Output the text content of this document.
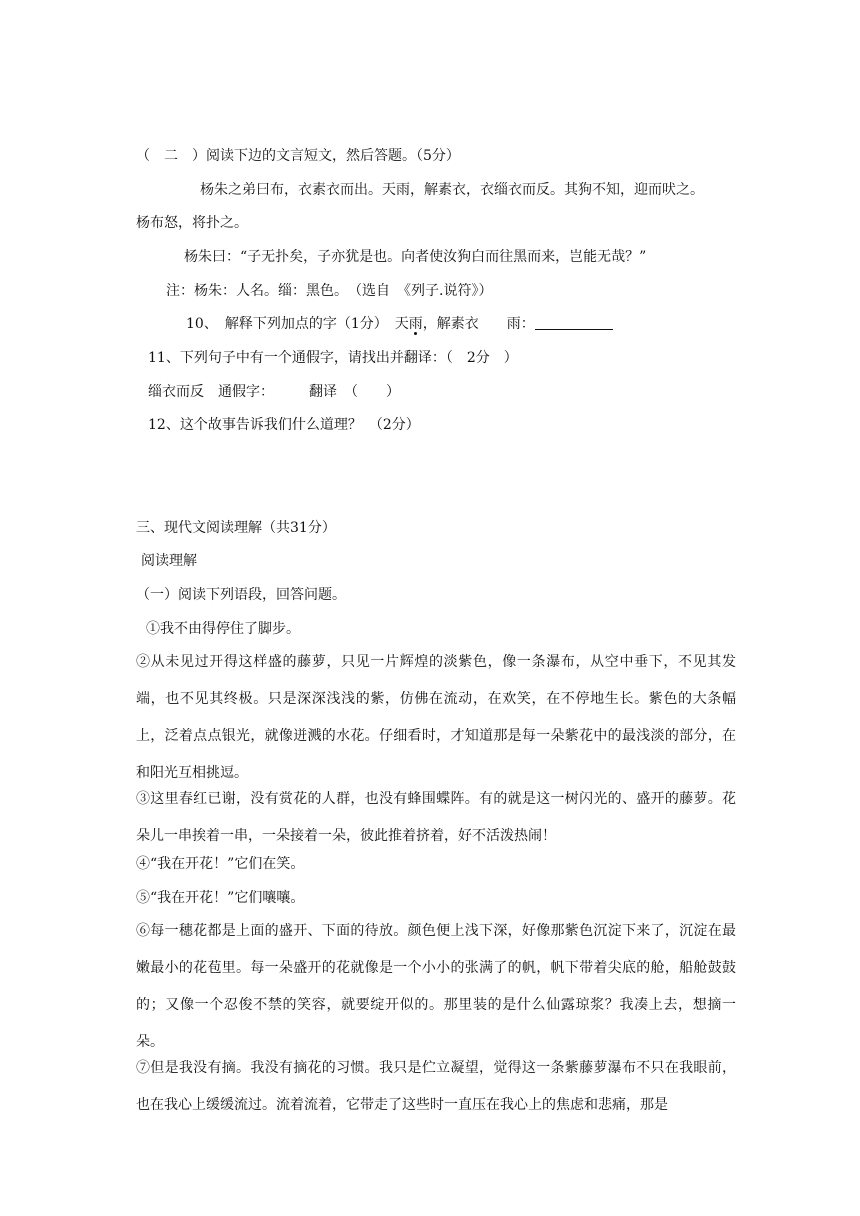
（　二　）阅读下边的文言短文，然后答题。（5分）
杨朱之弟曰布，衣素衣而出。天雨，解素衣，衣缁衣而反。其狗不知，迎而吠之。
杨布怒，将扑之。
杨朱曰：“子无扑矣，子亦犹是也。向者使汝狗白而往黑而来，岂能无哉？”
注：杨朱：人名。缁：黑色。　（选自　《列子.说符》）
10、　解释下列加点的字（1分）　天雨，解素衣　　雨：
11、下列句子中有一个通假字，请找出并翻译：（　2分　）
缁衣而反　通假字：　　　翻译　（　　）
12、这个故事告诉我们什么道理？　（2分）
三、现代文阅读理解（共31分）
阅读理解
（一）阅读下列语段，回答问题。
①我不由得停住了脚步。
②从未见过开得这样盛的藤萝，只见一片辉煌的淡紫色，像一条瀑布，从空中垂下，不见其发端，也不见其终极。只是深深浅浅的紫，仿佛在流动，在欢笑，在不停地生长。紫色的大条幅上，泛着点点银光，就像迸溅的水花。仔细看时，才知道那是每一朵紫花中的最浅淡的部分，在和阳光互相挑逗。
③这里春红已谢，没有赏花的人群，也没有蜂围蝶阵。有的就是这一树闪光的、盛开的藤萝。花朵儿一串挨着一串，一朵接着一朵，彼此推着挤着，好不活泼热闹！
④“我在开花！”它们在笑。
⑤“我在开花！”它们嚷嚷。
⑥每一穗花都是上面的盛开、下面的待放。颜色便上浅下深，好像那紫色沉淀下来了，沉淀在最嫩最小的花苞里。每一朵盛开的花就像是一个小小的张满了的帆，帆下带着尖底的舱，船舱鼓鼓的；又像一个忍俊不禁的笑容，就要绽开似的。那里装的是什么仙露琼浆？我凑上去，想摘一朵。
⑦但是我没有摘。我没有摘花的习惯。我只是伫立凝望，觉得这一条紫藤萝瀑布不只在我眼前，也在我心上缓缓流过。流着流着，它带走了这些时一直压在我心上的焦虑和悲痛，那是
